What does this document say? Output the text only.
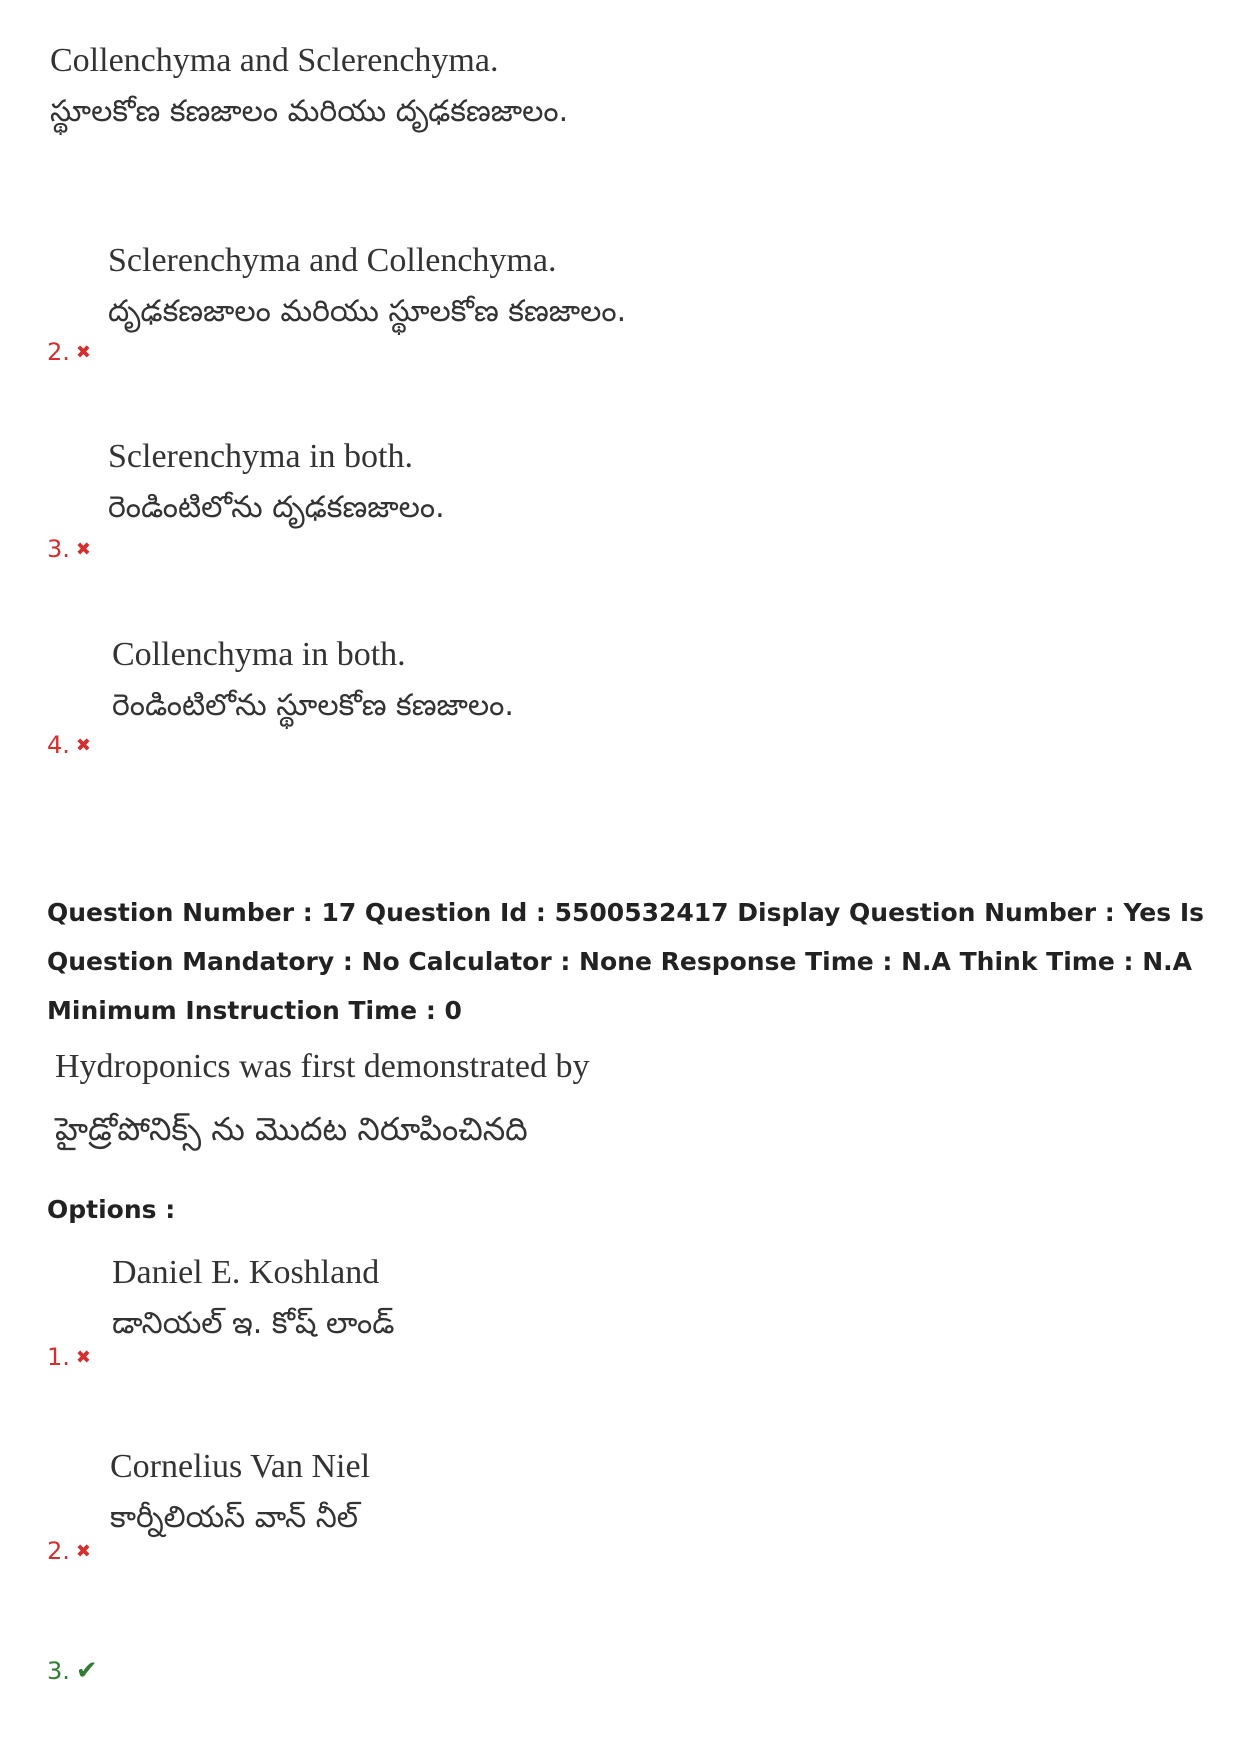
Collenchyma and Sclerenchyma.
స్థూలకోణ కణజాలం మరియు దృఢకణజాలం.
Sclerenchyma and Collenchyma.
దృఢకణజాలం మరియు స్థూలకోణ కణజాలం.
2. ✖
Sclerenchyma in both.
రెండింటిలోను దృఢకణజాలం.
3. ✖
Collenchyma in both.
రెండింటిలోను స్థూలకోణ కణజాలం.
4. ✖
Question Number : 17 Question Id : 5500532417 Display Question Number : Yes Is Question Mandatory : No Calculator : None Response Time : N.A Think Time : N.A Minimum Instruction Time : 0
Hydroponics was first demonstrated by
హైడ్రోపోనిక్స్ ను మొదట నిరూపించినది
Options :
Daniel E. Koshland
డానియల్ ఇ. కోష్ లాండ్
1. ✖
Cornelius Van Niel
కార్నీలియస్ వాన్ నీల్
2. ✖
3. ✔
